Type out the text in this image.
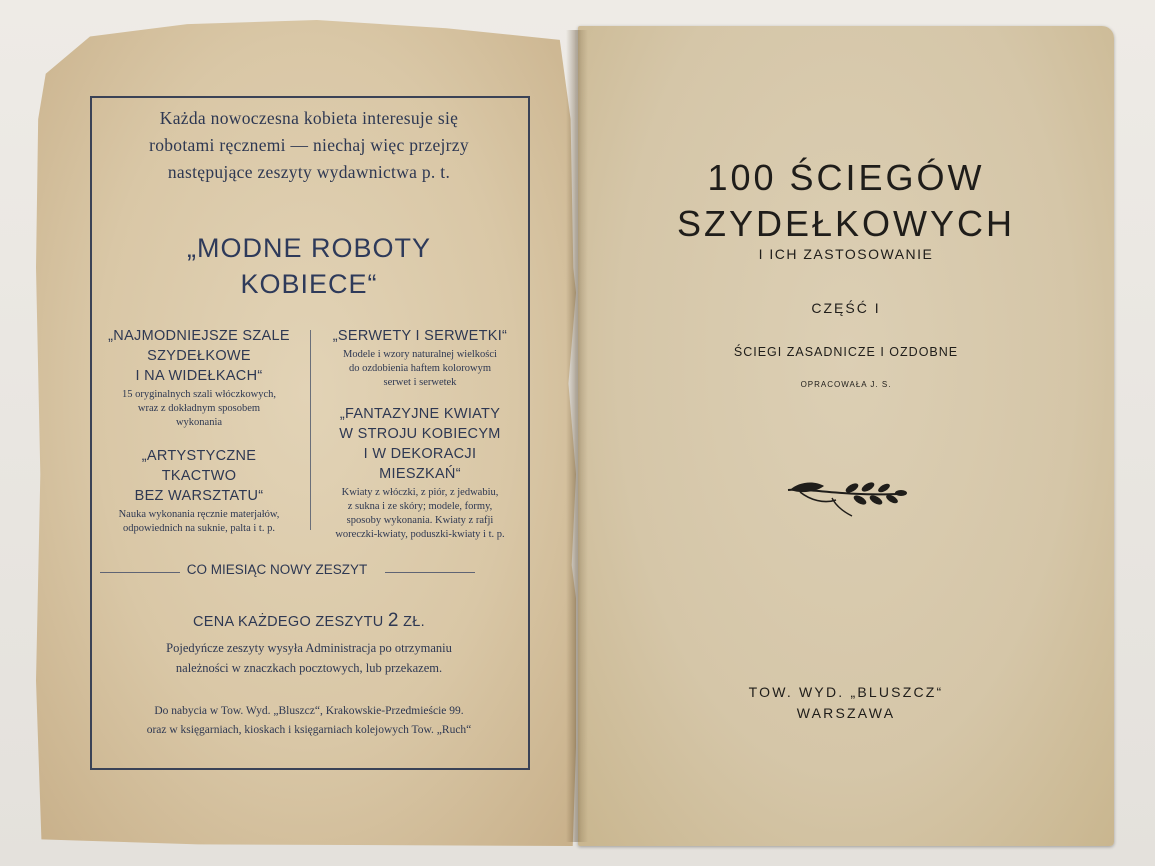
Każda nowoczesna kobieta interesuje się
robotami ręcznemi — niechaj więc przejrzy
następujące zeszyty wydawnictwa p. t.
„MODNE ROBOTY
KOBIECE“
„NAJMODNIEJSZE SZALE
SZYDEŁKOWE
I NA WIDEŁKACH“
15 oryginalnych szali włóczkowych,
wraz z dokładnym sposobem
wykonania
„ARTYSTYCZNE
TKACTWO
BEZ WARSZTATU“
Nauka wykonania ręcznie materjałów,
odpowiednich na suknie, palta i t. p.
„SERWETY I SERWETKI“
Modele i wzory naturalnej wielkości
do ozdobienia haftem kolorowym
serwet i serwetek
„FANTAZYJNE KWIATY
W STROJU KOBIECYM
I W DEKORACJI
MIESZKAŃ“
Kwiaty z włóczki, z piór, z jedwabiu,
z sukna i ze skóry; modele, formy,
sposoby wykonania. Kwiaty z rafji
woreczki-kwiaty, poduszki-kwiaty i t. p.
CO MIESIĄC NOWY ZESZYT
CENA KAŻDEGO ZESZYTU 2 ZŁ.
Pojedyńcze zeszyty wysyła Administracja po otrzymaniu
należności w znaczkach pocztowych, lub przekazem.
Do nabycia w Tow. Wyd. „Bluszcz“, Krakowskie-Przedmieście 99.
oraz w księgarniach, kioskach i księgarniach kolejowych Tow. „Ruch“
100 ŚCIEGÓW
SZYDEŁKOWYCH
I ICH ZASTOSOWANIE
CZĘŚĆ I
ŚCIEGI ZASADNICZE I OZDOBNE
OPRACOWAŁA J. S.
TOW. WYD. „BLUSZCZ“
WARSZAWA
